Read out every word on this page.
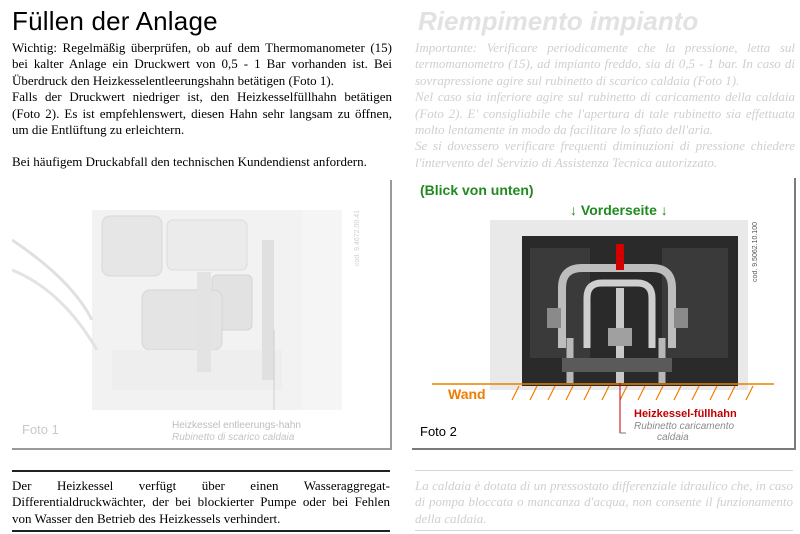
Füllen der Anlage	Riempimento impianto

Wichtig: Regelmäßig überprüfen, ob auf dem Thermomanometer (15) bei kalter Anlage ein Druckwert von 0,5 - 1 Bar vorhanden ist. Bei Überdruck den Heizkesselentleerungshahn betätigen (Foto 1).

Falls der Druckwert niedriger ist, den Heizkesselfüllhahn betätigen (Foto 2). Es ist empfehlenswert, diesen Hahn sehr langsam zu öffnen, um die Entlüftung zu erleichtern.

Bei häufigem Druckabfall den technischen Kundendienst anfordern.

Importante: Verificare periodicamente che la pressione, letta sul termomanometro (15), ad impianto freddo, sia di 0,5 - 1 bar. In caso di sovrapressione agire sul rubinetto di scarico caldaia (Foto 1).

Nel caso sia inferiore agire sul rubinetto di caricamento della caldaia (Foto 2). E' consigliabile che l'apertura di tale rubinetto sia effettuata molto lentamente in modo da facilitare lo sfiato dell'aria.

Se si dovessero verificare frequenti diminuzioni di pressione chiedere l'intervento del Servizio di Assistenza Tecnica autorizzato.

cod. 9.4672.00.41
Foto 1	Heizkessel entleerungs-hahn
Rubinetto di scarico caldaia
(Blick von unten)
↓ Vorderseite ↓
cod. 9.5062.10.100
Wand
Heizkessel-füllhahn
Rubinetto caricamento
caldaia
Foto 2
Der Heizkessel verfügt über einen Wasseraggregat-Differentialdruckwächter, der bei blockierter Pumpe oder bei Fehlen von Wasser den Betrieb des Heizkessels verhindert.
La caldaia è dotata di un pressostato differenziale idraulico che, in caso di pompa bloccata o mancanza d'acqua, non consente il funzionamento della caldaia.
